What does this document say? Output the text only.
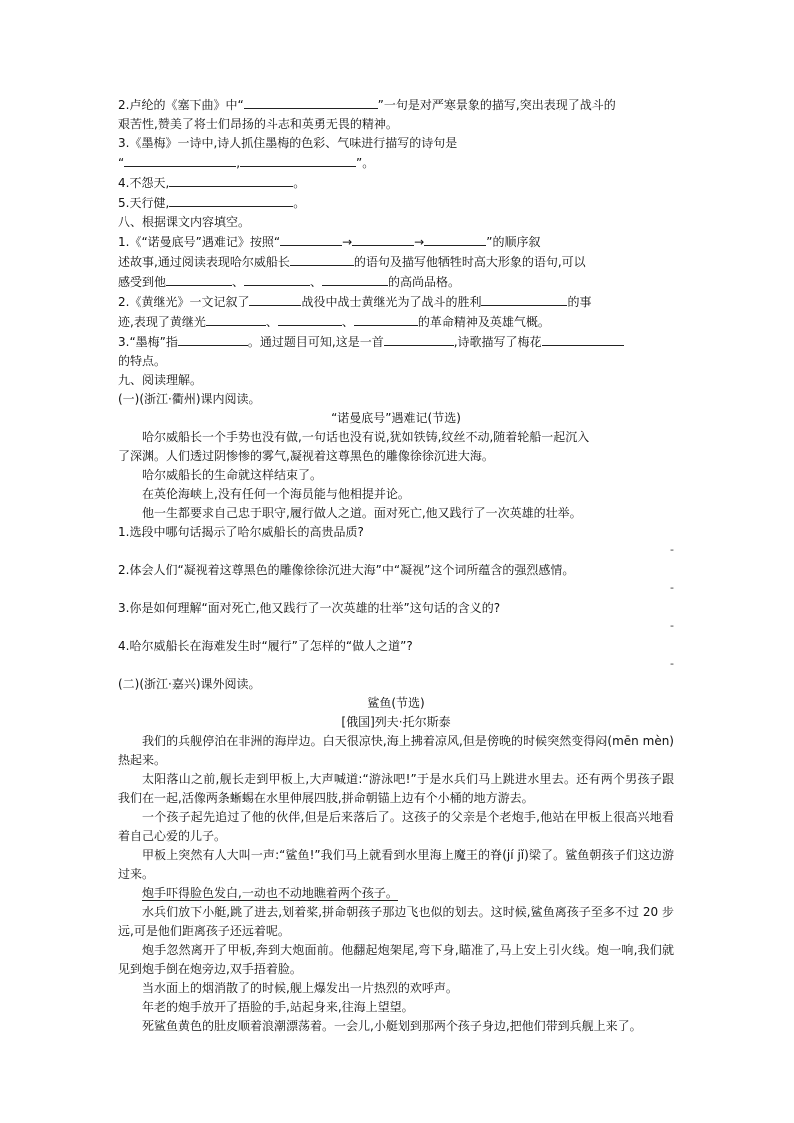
2.卢纶的《塞下曲》中“	”一句是对严寒景象的描写,突出表现了战斗的
艰苦性,赞美了将士们昂扬的斗志和英勇无畏的精神。
3.《墨梅》一诗中,诗人抓住墨梅的色彩、气味进行描写的诗句是
“	,	”。
4.不怨天,	。
5.天行健,	。
八、根据课文内容填空。
1.《“诺曼底号”遇难记》按照“	→	→	”的顺序叙
述故事,通过阅读表现哈尔威船长	的语句及描写他牺牲时高大形象的语句,可以
感受到他	、	、	的高尚品格。
2.《黄继光》一文记叙了	战役中战士黄继光为了战斗的胜利	的事
迹,表现了黄继光	、	、	的革命精神及英雄气概。
3.“墨梅”指	。通过题目可知,这是一首	,诗歌描写了梅花
的特点。
九、阅读理解。
(一)(浙江·衢州)课内阅读。
“诺曼底号”遇难记(节选)
哈尔威船长一个手势也没有做,一句话也没有说,犹如铁铸,纹丝不动,随着轮船一起沉入
了深渊。人们透过阴惨惨的雾气,凝视着这尊黑色的雕像徐徐沉进大海。
哈尔威船长的生命就这样结束了。
在英伦海峡上,没有任何一个海员能与他相提并论。
他一生都要求自己忠于职守,履行做人之道。面对死亡,他又践行了一次英雄的壮举。
1.选段中哪句话揭示了哈尔威船长的高贵品质?
-
2.体会人们“凝视着这尊黑色的雕像徐徐沉进大海”中“凝视”这个词所蕴含的强烈感情。
-
3.你是如何理解“面对死亡,他又践行了一次英雄的壮举”这句话的含义的?
-
4.哈尔威船长在海难发生时“履行”了怎样的“做人之道”?
-
(二)(浙江·嘉兴)课外阅读。
鲨鱼(节选)
[俄国]列夫·托尔斯泰
我们的兵舰停泊在非洲的海岸边。白天很凉快,海上拂着凉风,但是傍晚的时候突然变得闷(mēn mèn)热起来。
太阳落山之前,舰长走到甲板上,大声喊道:“游泳吧!”于是水兵们马上跳进水里去。还有两个男孩子跟我们在一起,活像两条蜥蜴在水里伸展四肢,拼命朝锚上边有个小桶的地方游去。
一个孩子起先追过了他的伙伴,但是后来落后了。这孩子的父亲是个老炮手,他站在甲板上很高兴地看着自己心爱的儿子。
甲板上突然有人大叫一声:“鲨鱼!”我们马上就看到水里海上魔王的脊(jí jǐ)梁了。鲨鱼朝孩子们这边游过来。
炮手吓得脸色发白,一动也不动地瞧着两个孩子。
水兵们放下小艇,跳了进去,划着桨,拼命朝孩子那边飞也似的划去。这时候,鲨鱼离孩子至多不过 20 步远,可是他们距离孩子还远着呢。
炮手忽然离开了甲板,奔到大炮面前。他翻起炮架尾,弯下身,瞄准了,马上安上引火线。炮一响,我们就见到炮手倒在炮旁边,双手捂着脸。
当水面上的烟消散了的时候,舰上爆发出一片热烈的欢呼声。
年老的炮手放开了捂脸的手,站起身来,往海上望望。
死鲨鱼黄色的肚皮顺着浪潮漂荡着。一会儿,小艇划到那两个孩子身边,把他们带到兵舰上来了。
